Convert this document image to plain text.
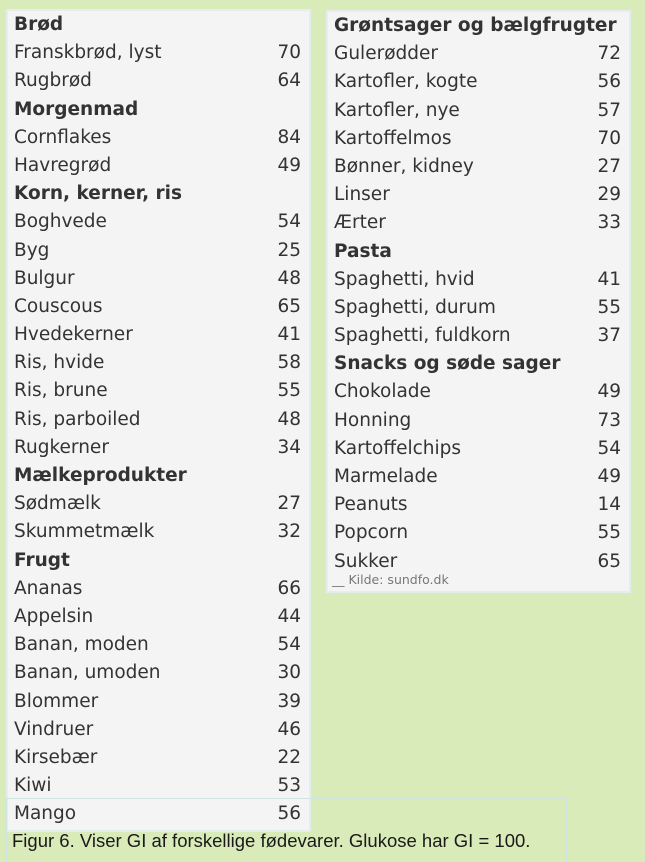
Brød
Franskbrød, lyst	70
Rugbrød	64
Morgenmad
Cornflakes	84
Havregrød	49
Korn, kerner, ris
Boghvede	54
Byg	25
Bulgur	48
Couscous	65
Hvedekerner	41
Ris, hvide	58
Ris, brune	55
Ris, parboiled	48
Rugkerner	34
Mælkeprodukter
Sødmælk	27
Skummetmælk	32
Frugt
Ananas	66
Appelsin	44
Banan, moden	54
Banan, umoden	30
Blommer	39
Vindruer	46
Kirsebær	22
Kiwi	53
Mango	56
Grøntsager og bælgfrugter
Gulerødder	72
Kartofler, kogte	56
Kartofler, nye	57
Kartoffelmos	70
Bønner, kidney	27
Linser	29
Ærter	33
Pasta
Spaghetti, hvid	41
Spaghetti, durum	55
Spaghetti, fuldkorn	37
Snacks og søde sager
Chokolade	49
Honning	73
Kartoffelchips	54
Marmelade	49
Peanuts	14
Popcorn	55
Sukker	65
__ Kilde: sundfo.dk
Figur 6. Viser GI af forskellige fødevarer. Glukose har GI = 100.
